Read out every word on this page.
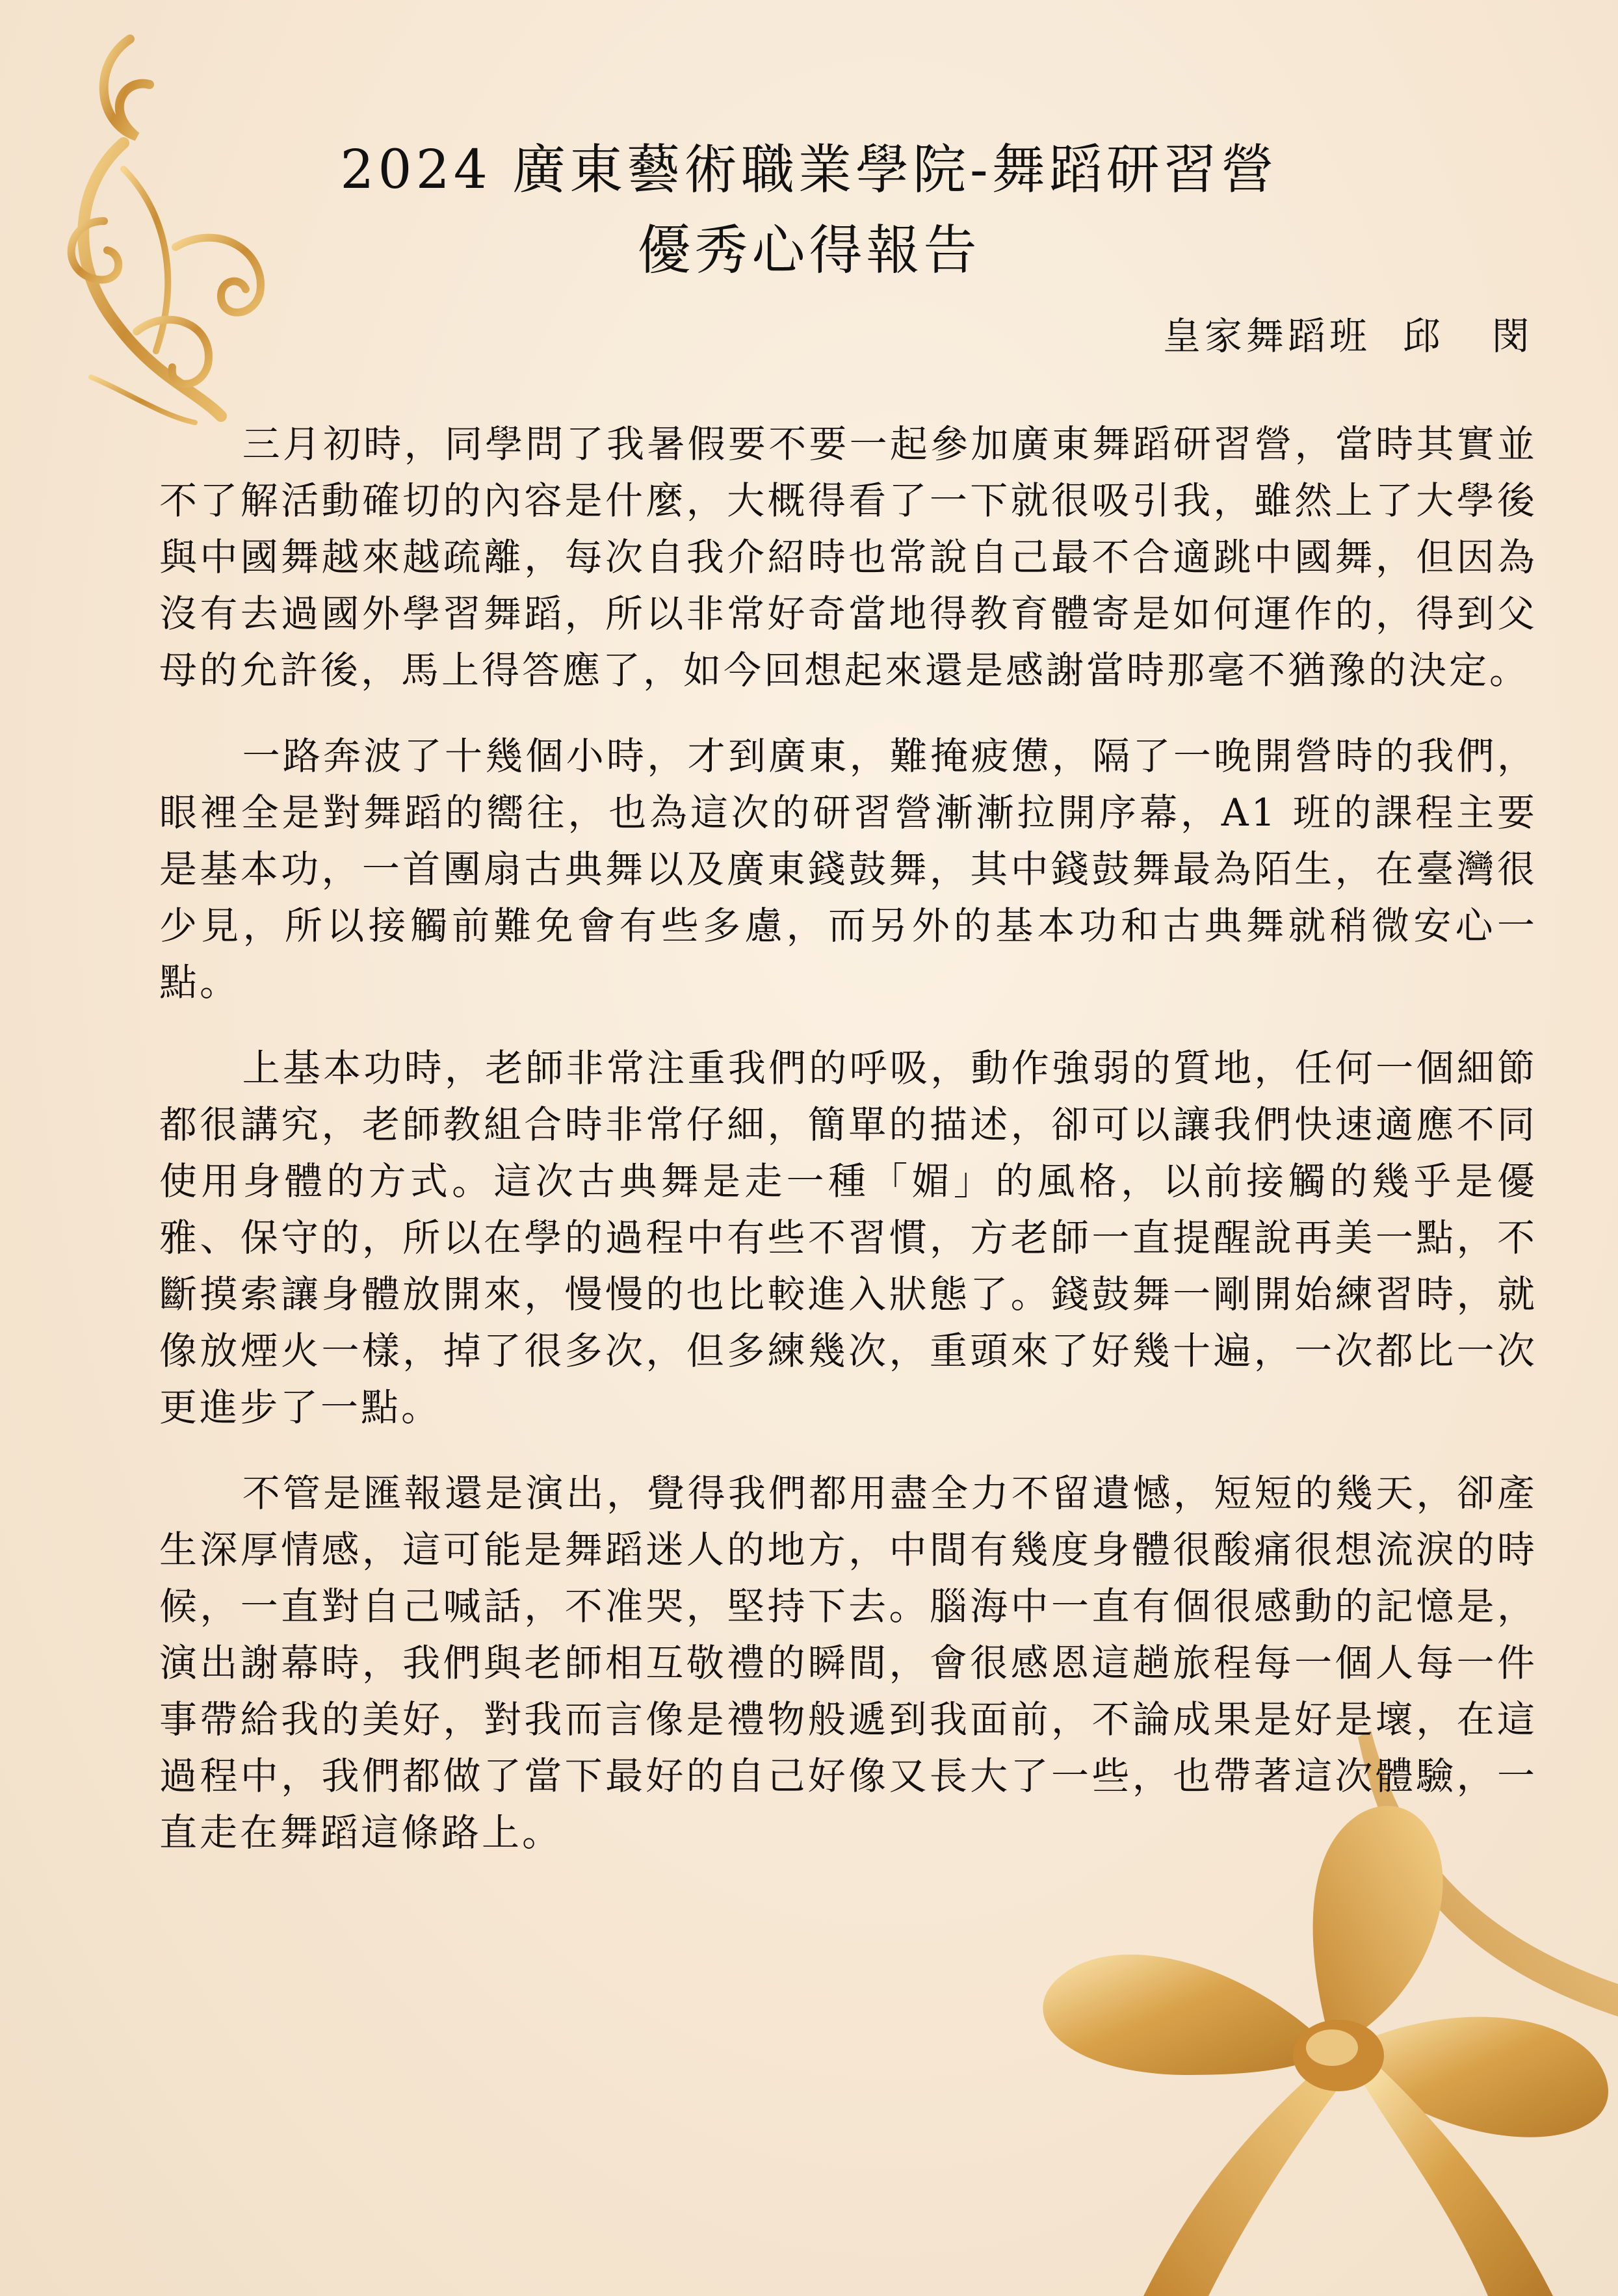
2024 廣東藝術職業學院-舞蹈研習營
優秀心得報告
皇家舞蹈班  邱   閔

三月初時，同學問了我暑假要不要一起參加廣東舞蹈研習營，當時其實並不了解活動確切的內容是什麼，大概得看了一下就很吸引我，雖然上了大學後與中國舞越來越疏離，每次自我介紹時也常說自己最不合適跳中國舞，但因為沒有去過國外學習舞蹈，所以非常好奇當地得教育體寄是如何運作的，得到父母的允許後，馬上得答應了，如今回想起來還是感謝當時那毫不猶豫的決定。

一路奔波了十幾個小時，才到廣東，難掩疲憊，隔了一晚開營時的我們，眼裡全是對舞蹈的嚮往，也為這次的研習營漸漸拉開序幕，A1 班的課程主要是基本功，一首團扇古典舞以及廣東錢鼓舞，其中錢鼓舞最為陌生，在臺灣很少見，所以接觸前難免會有些多慮，而另外的基本功和古典舞就稍微安心一點。

上基本功時，老師非常注重我們的呼吸，動作強弱的質地，任何一個細節都很講究，老師教組合時非常仔細，簡單的描述，卻可以讓我們快速適應不同使用身體的方式。這次古典舞是走一種「媚」的風格，以前接觸的幾乎是優雅、保守的，所以在學的過程中有些不習慣，方老師一直提醒說再美一點，不斷摸索讓身體放開來，慢慢的也比較進入狀態了。錢鼓舞一剛開始練習時，就像放煙火一樣，掉了很多次，但多練幾次，重頭來了好幾十遍，一次都比一次更進步了一點。

不管是匯報還是演出，覺得我們都用盡全力不留遺憾，短短的幾天，卻產生深厚情感，這可能是舞蹈迷人的地方，中間有幾度身體很酸痛很想流淚的時候，一直對自己喊話，不准哭，堅持下去。腦海中一直有個很感動的記憶是，演出謝幕時，我們與老師相互敬禮的瞬間，會很感恩這趟旅程每一個人每一件事帶給我的美好，對我而言像是禮物般遞到我面前，不論成果是好是壞，在這過程中，我們都做了當下最好的自己好像又長大了一些，也帶著這次體驗，一直走在舞蹈這條路上。
